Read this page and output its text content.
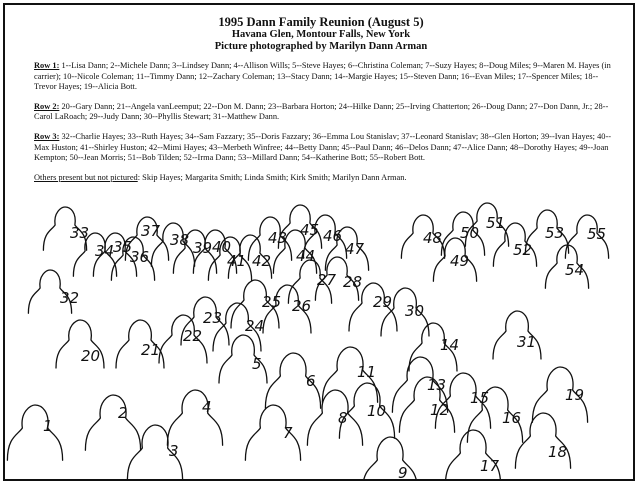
1995 Dann Family Reunion (August 5)
Havana Glen, Montour Falls, New York
Picture photographed by Marilyn Dann Arman
Row 1: 1--Lisa Dann; 2--Michele Dann; 3--Lindsey Dann; 4--Allison Wills; 5--Steve Hayes; 6--Christina Coleman; 7--Suzy Hayes; 8--Doug Miles; 9--Maren M. Hayes (in carrier); 10--Nicole Coleman; 11--Timmy Dann; 12--Zachary Coleman; 13--Stacy Dann; 14--Margie Hayes; 15--Steven Dann; 16--Evan Miles; 17--Spencer Miles; 18--Trevor Hayes; 19--Alicia Bott.
Row 2: 20--Gary Dann; 21--Angela vanLeemput; 22--Don M. Dann; 23--Barbara Horton; 24--Hilke Dann; 25--Irving Chatterton; 26--Doug Dann; 27--Don Dann, Jr.; 28--Carol LaRoach; 29--Judy Dann; 30--Phyllis Stewart; 31--Matthew Dann.
Row 3: 32--Charlie Hayes; 33--Ruth Hayes; 34--Sam Fazzary; 35--Doris Fazzary; 36--Emma Lou Stanislav; 37--Leonard Stanislav; 38--Glen Horton; 39--Ivan Hayes; 40--Max Huston; 41--Shirley Huston; 42--Mimi Hayes; 43--Merbeth Winfree; 44--Betty Dann; 45--Paul Dann; 46--Delos Dann; 47--Alice Dann; 48--Dorothy Hayes; 49--Joan Kempton; 50--Jean Morris; 51--Bob Tilden; 52--Irma Dann; 53--Millard Dann; 54--Katherine Bott; 55--Robert Bott.
Others present but not pictured: Skip Hayes; Margarita Smith; Linda Smith; Kirk Smith; Marilyn Dann Arman.
1
2
3
4
5
6
7
8
9
10
11
12
13
14
15
16
17
18
19
20	21
22
23 24
25 26
27 28
29 30
31
32
33
34
35
36
37 38 39 40
41 42
43
44
45 46
47
48
49
50
51
52
53
54
55
